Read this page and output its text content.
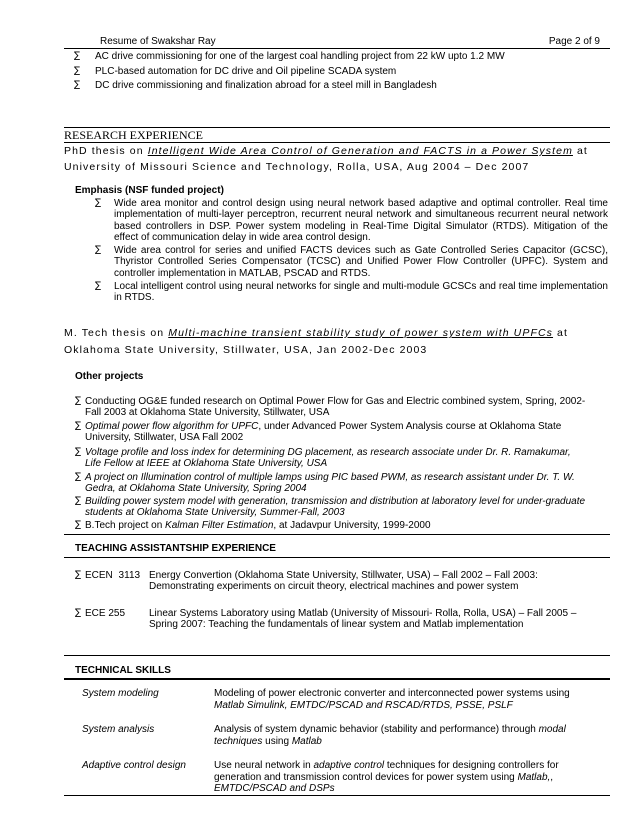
Resume of Swakshar Ray	Page 2 of 9
∑ AC drive commissioning for one of the largest coal handling project from 22 kW upto 1.2 MW
∑ PLC-based automation for DC drive and Oil pipeline SCADA system
∑ DC drive commissioning and finalization abroad for a steel mill in Bangladesh
RESEARCH EXPERIENCE
PhD thesis on Intelligent Wide Area Control of Generation and FACTS in a Power System at
University of Missouri Science and Technology, Rolla, USA, Aug 2004 – Dec 2007
Emphasis (NSF funded project)
∑ Wide area monitor and control design using neural network based adaptive and optimal controller. Real time implementation of multi-layer perceptron, recurrent neural network and simultaneous recurrent neural network based controllers in DSP. Power system modeling in Real-Time Digital Simulator (RTDS). Mitigation of the effect of communication delay in wide area control design.
∑ Wide area control for series and unified FACTS devices such as Gate Controlled Series Capacitor (GCSC), Thyristor Controlled Series Compensator (TCSC) and Unified Power Flow Controller (UPFC). System and controller implementation in MATLAB, PSCAD and RTDS.
∑ Local intelligent control using neural networks for single and multi-module GCSCs and real time implementation in RTDS.
M. Tech thesis on Multi-machine transient stability study of power system with UPFCs at
Oklahoma State University, Stillwater, USA, Jan 2002-Dec 2003
Other projects
∑ Conducting OG&E funded research on Optimal Power Flow for Gas and Electric combined system, Spring, 2002-
Fall 2003 at Oklahoma State University, Stillwater, USA
∑ Optimal power flow algorithm for UPFC, under Advanced Power System Analysis course at Oklahoma State
University, Stillwater, USA Fall 2002
∑ Voltage profile and loss index for determining DG placement, as research associate under Dr. R. Ramakumar,
Life Fellow at IEEE at Oklahoma State University, USA
∑ A project on Illumination control of multiple lamps using PIC based PWM, as research assistant under Dr. T. W.
Gedra, at Oklahoma State University, Spring 2004
∑ Building power system model with generation, transmission and distribution at laboratory level for under-graduate
students at Oklahoma State University, Summer-Fall, 2003
∑ B.Tech project on Kalman Filter Estimation, at Jadavpur University, 1999-2000
TEACHING ASSISTANTSHIP EXPERIENCE
∑ ECEN 3113 Energy Convertion (Oklahoma State University, Stillwater, USA) – Fall 2002 – Fall 2003:
Demonstrating experiments on circuit theory, electrical machines and power system
∑ ECE 255 Linear Systems Laboratory using Matlab (University of Missouri- Rolla, Rolla, USA) – Fall 2005 –
Spring 2007: Teaching the fundamentals of linear system and Matlab implementation
TECHNICAL SKILLS
System modeling	Modeling of power electronic converter and interconnected power systems using
Matlab Simulink, EMTDC/PSCAD and RSCAD/RTDS, PSSE, PSLF
System analysis	Analysis of system dynamic behavior (stability and performance) through modal
techniques using Matlab
Adaptive control design	Use neural network in adaptive control techniques for designing controllers for
generation and transmission control devices for power system using Matlab,,
EMTDC/PSCAD and DSPs
